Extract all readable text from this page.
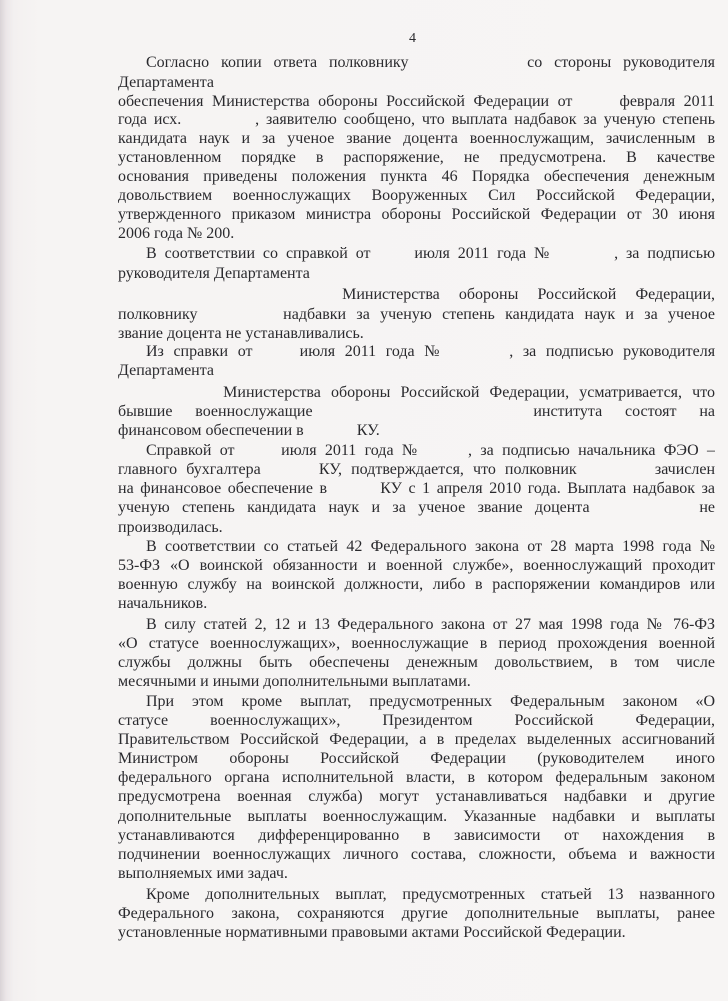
4
Согласно копии ответа полковнику	со стороны руководителя
Департамента
обеспечения Министерства обороны Российской Федерации от	февраля 2011
года исх.	, заявителю сообщено, что выплата надбавок за ученую степень
кандидата наук и за ученое звание доцента военнослужащим, зачисленным в
установленном порядке в распоряжение, не предусмотрена. В качестве
основания приведены положения пункта 46 Порядка обеспечения денежным
довольствием военнослужащих Вооруженных Сил Российской Федерации,
утвержденного приказом министра обороны Российской Федерации от 30 июня
2006 года № 200.
В соответствии со справкой от	июля 2011 года №	, за подписью
руководителя Департамента
Министерства обороны Российской Федерации,
полковнику	надбавки за ученую степень кандидата наук и за ученое
звание доцента не устанавливались.
Из справки от	июля 2011 года №	, за подписью руководителя
Департамента
Министерства обороны Российской Федерации, усматривается, что
бывшие военнослужащие	института состоят на
финансовом обеспечении в	КУ.
Справкой от	июля 2011 года №	, за подписью начальника ФЭО –
главного бухгалтера	КУ, подтверждается, что полковник	зачислен
на финансовое обеспечение в	КУ с 1 апреля 2010 года. Выплата надбавок за
ученую степень кандидата наук и за ученое звание доцента	не
производилась.
В соответствии со статьей 42 Федерального закона от 28 марта 1998 года №
53-ФЗ «О воинской обязанности и военной службе», военнослужащий проходит
военную службу на воинской должности, либо в распоряжении командиров или
начальников.
В силу статей 2, 12 и 13 Федерального закона от 27 мая 1998 года № 76-ФЗ
«О статусе военнослужащих», военнослужащие в период прохождения военной
службы должны быть обеспечены денежным довольствием, в том числе
месячными и иными дополнительными выплатами.
При этом кроме выплат, предусмотренных Федеральным законом «О
статусе военнослужащих», Президентом Российской Федерации,
Правительством Российской Федерации, а в пределах выделенных ассигнований
Министром обороны Российской Федерации (руководителем иного
федерального органа исполнительной власти, в котором федеральным законом
предусмотрена военная служба) могут устанавливаться надбавки и другие
дополнительные выплаты военнослужащим. Указанные надбавки и выплаты
устанавливаются дифференцированно в зависимости от нахождения в
подчинении военнослужащих личного состава, сложности, объема и важности
выполняемых ими задач.
Кроме дополнительных выплат, предусмотренных статьей 13 названного
Федерального закона, сохраняются другие дополнительные выплаты, ранее
установленные нормативными правовыми актами Российской Федерации.
